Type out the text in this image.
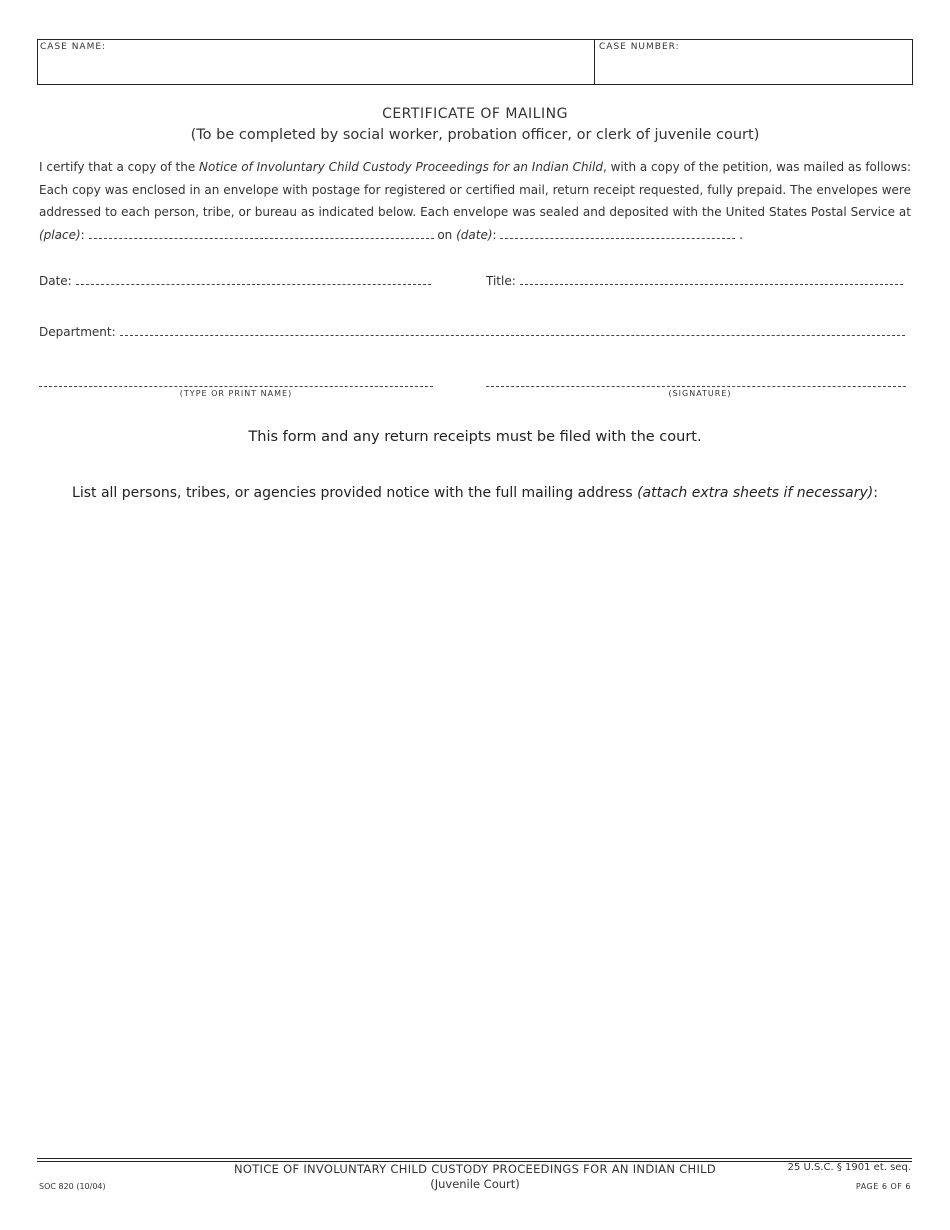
CASE NAME:	CASE NUMBER:
CERTIFICATE OF MAILING
(To be completed by social worker, probation officer, or clerk of juvenile court)
I certify that a copy of the Notice of Involuntary Child Custody Proceedings for an Indian Child, with a copy of the petition, was mailed as follows: Each copy was enclosed in an envelope with postage for registered or certified mail, return receipt requested, fully prepaid. The envelopes were addressed to each person, tribe, or bureau as indicated below. Each envelope was sealed and deposited with the United States Postal Service at (place):	on (date):	.
Date:	Title:
Department:
(TYPE OR PRINT NAME)	(SIGNATURE)
This form and any return receipts must be filed with the court.
List all persons, tribes, or agencies provided notice with the full mailing address (attach extra sheets if necessary):
NOTICE OF INVOLUNTARY CHILD CUSTODY PROCEEDINGS FOR AN INDIAN CHILD
(Juvenile Court)
SOC 820 (10/04)
25 U.S.C. § 1901 et. seq.
PAGE 6 OF 6
